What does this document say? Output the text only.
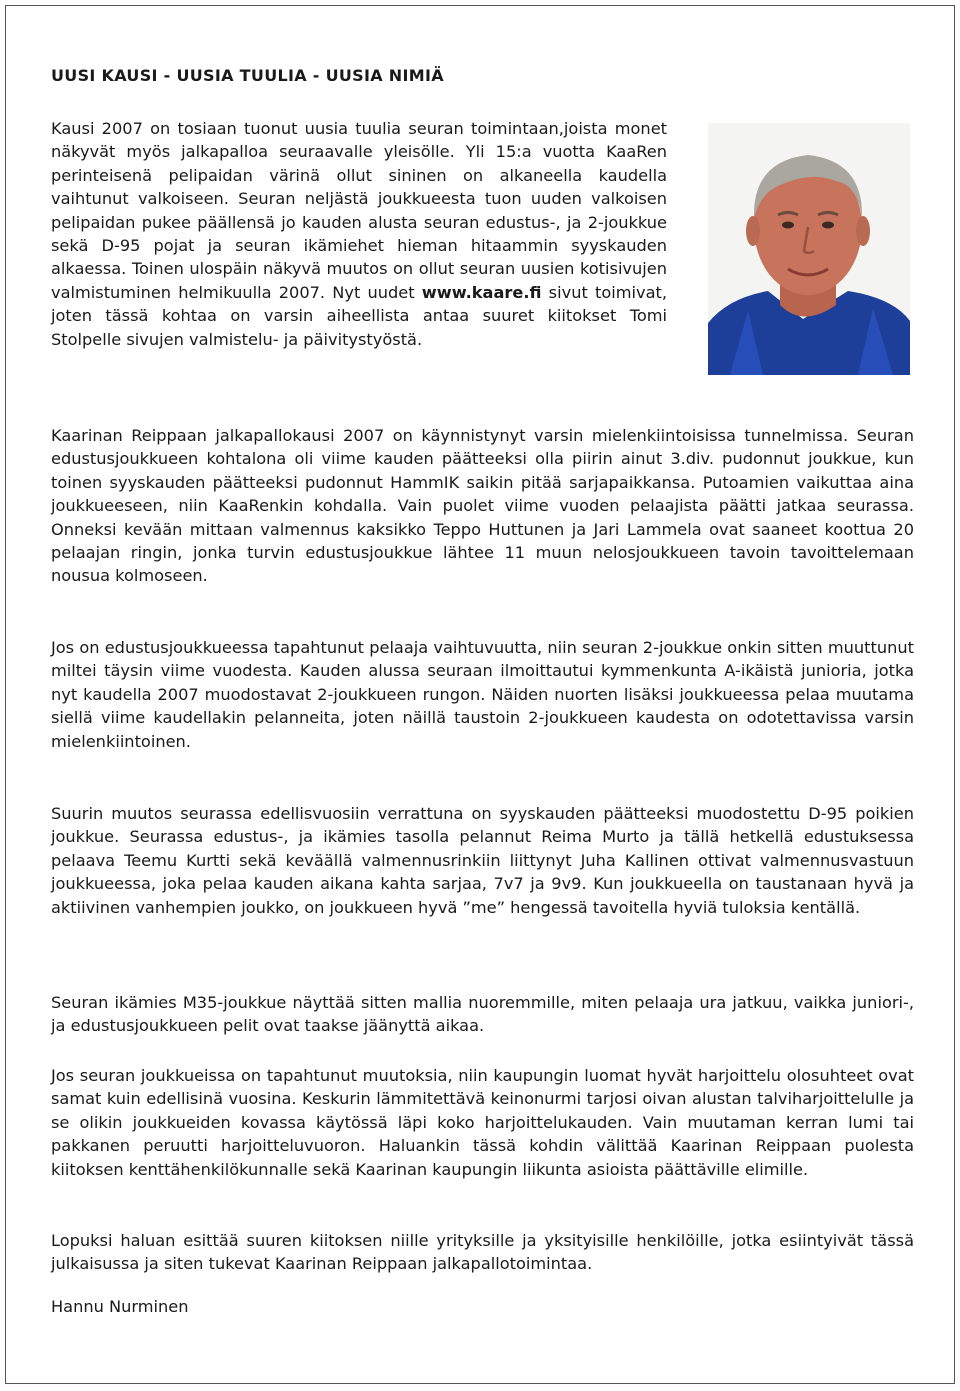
UUSI KAUSI - UUSIA TUULIA - UUSIA NIMIÄ

Kausi 2007 on tosiaan tuonut uusia tuulia seuran toimintaan,joista monet näkyvät myös jalkapalloa seuraavalle yleisölle. Yli 15:a vuotta KaaRen perinteisenä pelipaidan värinä ollut sininen on alkaneella kaudella vaihtunut valkoiseen. Seuran neljästä joukkueesta tuon uuden valkoisen pelipaidan pukee päällensä jo kauden alusta seuran edustus-, ja 2-joukkue sekä D-95 pojat ja seuran ikämiehet hieman hitaammin syyskauden alkaessa. Toinen ulospäin näkyvä muutos on ollut seuran uusien kotisivujen valmistuminen helmikuulla 2007. Nyt uudet www.kaare.fi sivut toimivat, joten tässä kohtaa on varsin aiheellista antaa suuret kiitokset Tomi Stolpelle sivujen valmistelu- ja päivitystyöstä.

Kaarinan Reippaan jalkapallokausi 2007 on käynnistynyt varsin mielenkiintoisissa tunnelmissa. Seuran edustusjoukkueen kohtalona oli viime kauden päätteeksi olla piirin ainut 3.div. pudonnut joukkue, kun toinen syyskauden päätteeksi pudonnut HammIK saikin pitää sarjapaikkansa. Putoamien vaikuttaa aina joukkueeseen, niin KaaRenkin kohdalla. Vain puolet viime vuoden pelaajista päätti jatkaa seurassa. Onneksi kevään mittaan valmennus kaksikko Teppo Huttunen ja Jari Lammela ovat saaneet koottua 20 pelaajan ringin, jonka turvin edustusjoukkue lähtee 11 muun nelosjoukkueen tavoin tavoittelemaan nousua kolmoseen.

Jos on edustusjoukkueessa tapahtunut pelaaja vaihtuvuutta, niin seuran 2-joukkue onkin sitten muuttunut miltei täysin viime vuodesta. Kauden alussa seuraan ilmoittautui kymmenkunta A-ikäistä junioria, jotka nyt kaudella 2007 muodostavat 2-joukkueen rungon. Näiden nuorten lisäksi joukkueessa pelaa muutama siellä viime kaudellakin pelanneita, joten näillä taustoin 2-joukkueen kaudesta on odotettavissa varsin mielenkiintoinen.

Suurin muutos seurassa edellisvuosiin verrattuna on syyskauden päätteeksi muodostettu D-95 poikien joukkue. Seurassa edustus-, ja ikämies tasolla pelannut Reima Murto ja tällä hetkellä edustuksessa pelaava Teemu Kurtti sekä keväällä valmennusrinkiin liittynyt Juha Kallinen ottivat valmennusvastuun joukkueessa, joka pelaa kauden aikana kahta sarjaa, 7v7 ja 9v9. Kun joukkueella on taustanaan hyvä ja aktiivinen vanhempien joukko, on joukkueen hyvä ”me” hengessä tavoitella hyviä tuloksia kentällä.

Seuran ikämies M35-joukkue näyttää sitten mallia nuoremmille, miten pelaaja ura jatkuu, vaikka juniori-, ja edustusjoukkueen pelit ovat taakse jäänyttä aikaa.

Jos seuran joukkueissa on tapahtunut muutoksia, niin kaupungin luomat hyvät harjoittelu olosuhteet ovat samat kuin edellisinä vuosina. Keskurin lämmitettävä keinonurmi tarjosi oivan alustan talviharjoittelulle ja se olikin joukkueiden kovassa käytössä läpi koko harjoittelukauden. Vain muutaman kerran lumi tai pakkanen peruutti harjoitteluvuoron. Haluankin tässä kohdin välittää Kaarinan Reippaan puolesta kiitoksen kenttähenkilökunnalle sekä Kaarinan kaupungin liikunta asioista päättäville elimille.

Lopuksi haluan esittää suuren kiitoksen niille yrityksille ja yksityisille henkilöille, jotka esiintyivät tässä julkaisussa ja siten tukevat Kaarinan Reippaan jalkapallotoimintaa.

Hannu Nurminen
